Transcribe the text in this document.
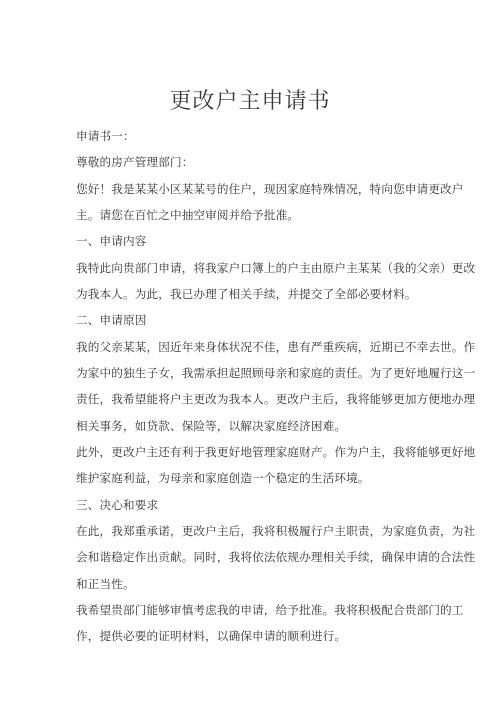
更改户主申请书
申请书一：
尊敬的房产管理部门：
您好！我是某某小区某某号的住户，现因家庭特殊情况，特向您申请更改户
主。请您在百忙之中抽空审阅并给予批准。
一、申请内容
我特此向贵部门申请，将我家户口簿上的户主由原户主某某（我的父亲）更改
为我本人。为此，我已办理了相关手续，并提交了全部必要材料。
二、申请原因
我的父亲某某，因近年来身体状况不佳，患有严重疾病，近期已不幸去世。作
为家中的独生子女，我需承担起照顾母亲和家庭的责任。为了更好地履行这一
责任，我希望能将户主更改为我本人。更改户主后，我将能够更加方便地办理
相关事务，如贷款、保险等，以解决家庭经济困难。
此外，更改户主还有利于我更好地管理家庭财产。作为户主，我将能够更好地
维护家庭利益，为母亲和家庭创造一个稳定的生活环境。
三、决心和要求
在此，我郑重承诺，更改户主后，我将积极履行户主职责，为家庭负责，为社
会和谐稳定作出贡献。同时，我将依法依规办理相关手续，确保申请的合法性
和正当性。
我希望贵部门能够审慎考虑我的申请，给予批准。我将积极配合贵部门的工
作，提供必要的证明材料，以确保申请的顺利进行。
